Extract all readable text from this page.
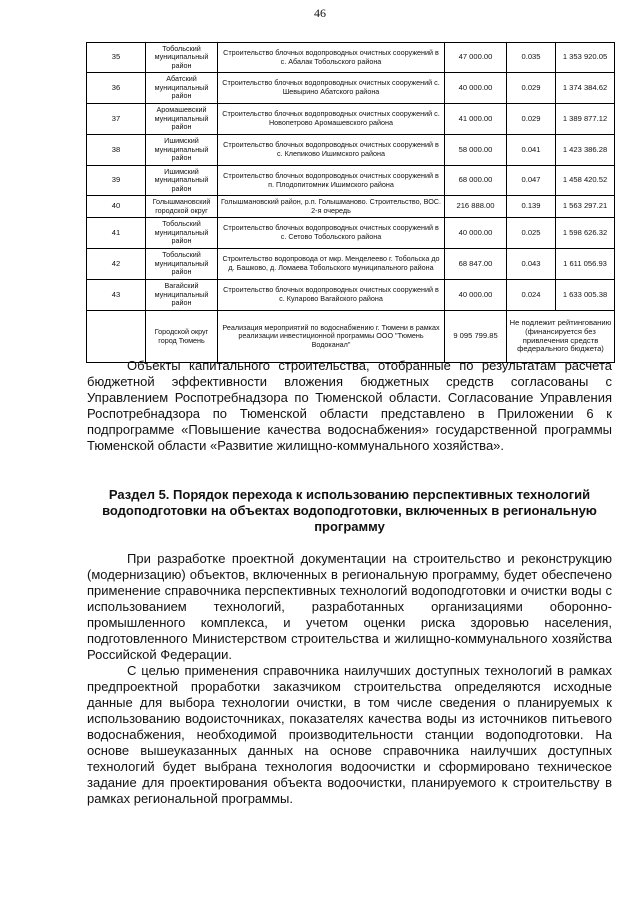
46
35	Тобольский муниципальный район	Строительство блочных водопроводных очистных сооружений в с. Абалак Тобольского района	47 000.00	0.035	1 353 920.05
36	Абатский муниципальный район	Строительство блочных водопроводных очистных сооружений с. Шевырино Абатского района	40 000.00	0.029	1 374 384.62
37	Аромашевский муниципальный район	Строительство блочных водопроводных очистных сооружений с. Новопетрово Аромашевского района	41 000.00	0.029	1 389 877.12
38	Ишимский муниципальный район	Строительство блочных водопроводных очистных сооружений в с. Клепиково Ишимского района	58 000.00	0.041	1 423 386.28
39	Ишимский муниципальный район	Строительство блочных водопроводных очистных сооружений в п. Плодопитомник Ишимского района	68 000.00	0.047	1 458 420.52
40	Голышмановский городской округ	Голышмановский район, р.п. Голышманово. Строительство, ВОС. 2-я очередь	216 888.00	0.139	1 563 297.21
41	Тобольский муниципальный район	Строительство блочных водопроводных очистных сооружений в с. Сетово Тобольского района	40 000.00	0.025	1 598 626.32
42	Тобольский муниципальный район	Строительство водопровода от мкр. Менделеево г. Тобольска до д. Башково, д. Ломаева Тобольского муниципального района	68 847.00	0.043	1 611 056.93
43	Вагайский муниципальный район	Строительство блочных водопроводных очистных сооружений в с. Куларово Вагайского района	40 000.00	0.024	1 633 005.38
	Городской округ город Тюмень	Реализация мероприятий по водоснабжению г. Тюмени в рамках реализации инвестиционной программы ООО "Тюмень Водоканал"	9 095 799.85	Не подлежит рейтингованию (финансируется без привлечения средств федерального бюджета)	

Объекты капитального строительства, отобранные по результатам расчета бюджетной эффективности вложения бюджетных средств согласованы с Управлением Роспотребнадзора по Тюменской области. Согласование Управления Роспотребнадзора по Тюменской области представлено в Приложении 6 к подпрограмме «Повышение качества водоснабжения» государственной программы Тюменской области «Развитие жилищно-коммунального хозяйства».

Раздел 5. Порядок перехода к использованию перспективных технологий водоподготовки на объектах водоподготовки, включенных в региональную программу

При разработке проектной документации на строительство и реконструкцию (модернизацию) объектов, включенных в региональную программу, будет обеспечено применение справочника перспективных технологий водоподготовки и очистки воды с использованием технологий, разработанных организациями оборонно-промышленного комплекса, и учетом оценки риска здоровью населения, подготовленного Министерством строительства и жилищно-коммунального хозяйства Российской Федерации.

С целью применения справочника наилучших доступных технологий в рамках предпроектной проработки заказчиком строительства определяются исходные данные для выбора технологии очистки, в том числе сведения о планируемых к использованию водоисточниках, показателях качества воды из источников питьевого водоснабжения, необходимой производительности станции водоподготовки. На основе вышеуказанных данных на основе справочника наилучших доступных технологий будет выбрана технология водоочистки и сформировано техническое задание для проектирования объекта водоочистки, планируемого к строительству в рамках региональной программы.
